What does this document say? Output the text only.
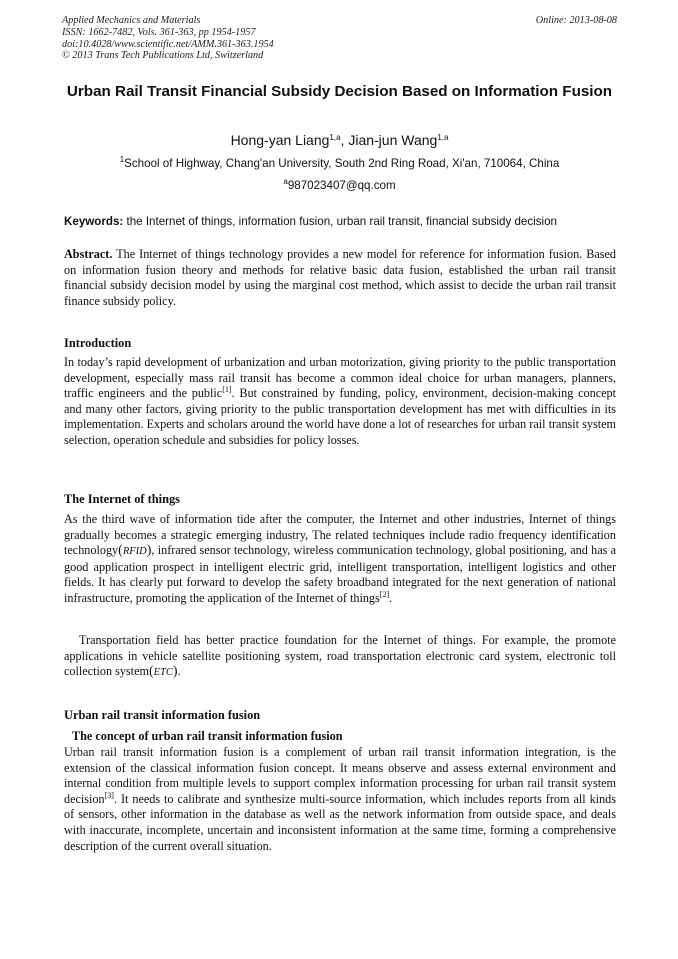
Applied Mechanics and Materials
ISSN: 1662-7482, Vols. 361-363, pp 1954-1957
doi:10.4028/www.scientific.net/AMM.361-363.1954
© 2013 Trans Tech Publications Ltd, Switzerland
Online: 2013-08-08
Urban Rail Transit Financial Subsidy Decision Based on Information Fusion
Hong-yan Liang$^{1,a}$, Jian-jun Wang$^{1,a}$
$^1$School of Highway, Chang'an University, South 2nd Ring Road, Xi'an, 710064, China
$^a$987023407@qq.com
Keywords: the Internet of things, information fusion, urban rail transit, financial subsidy decision
Abstract. The Internet of things technology provides a new model for reference for information fusion. Based on information fusion theory and methods for relative basic data fusion, established the urban rail transit financial subsidy decision model by using the marginal cost method, which assist to decide the urban rail transit finance subsidy policy.
Introduction
In today’s rapid development of urbanization and urban motorization, giving priority to the public transportation development, especially mass rail transit has become a common ideal choice for urban managers, planners, traffic engineers and the public[1]. But constrained by funding, policy, environment, decision-making concept and many other factors, giving priority to the public transportation development has met with difficulties in its implementation. Experts and scholars around the world have done a lot of researches for urban rail transit system selection, operation schedule and subsidies for policy losses.
The Internet of things
As the third wave of information tide after the computer, the Internet and other industries, Internet of things gradually becomes a strategic emerging industry, The related techniques include radio frequency identification technology(RFID), infrared sensor technology, wireless communication technology, global positioning, and has a good application prospect in intelligent electric grid, intelligent transportation, intelligent logistics and other fields. It has clearly put forward to develop the safety broadband integrated for the next generation of national infrastructure, promoting the application of the Internet of things[2].
Transportation field has better practice foundation for the Internet of things. For example, the promote applications in vehicle satellite positioning system, road transportation electronic card system, electronic toll collection system(ETC).
Urban rail transit information fusion
The concept of urban rail transit information fusion
Urban rail transit information fusion is a complement of urban rail transit information integration, is the extension of the classical information fusion concept. It means observe and assess external environment and internal condition from multiple levels to support complex information processing for urban rail transit system decision[3]. It needs to calibrate and synthesize multi-source information, which includes reports from all kinds of sensors, other information in the database as well as the network information from outside space, and deals with inaccurate, incomplete, uncertain and inconsistent information at the same time, forming a comprehensive description of the current overall situation.
